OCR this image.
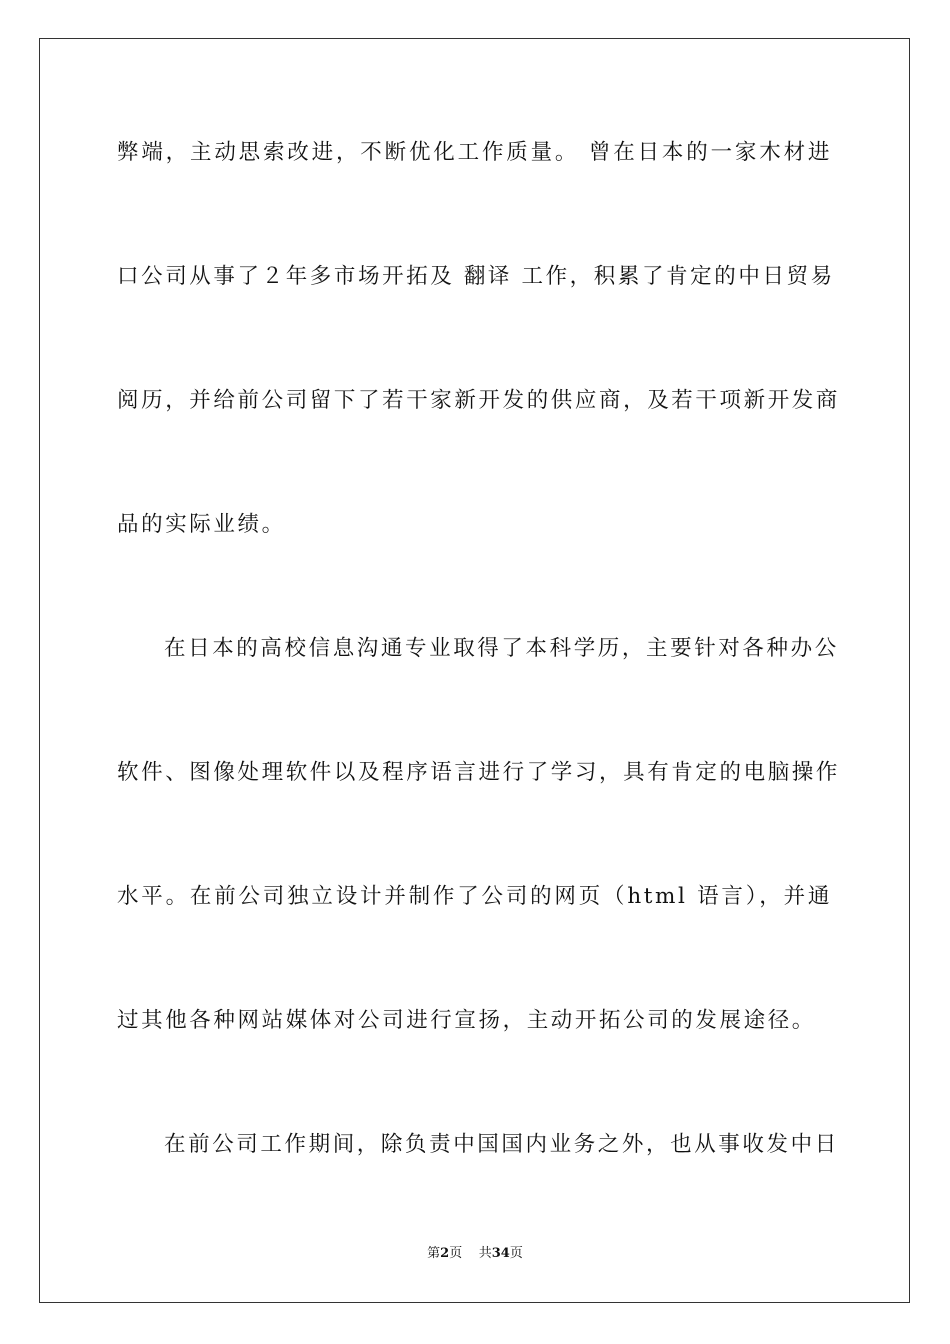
弊端，主动思索改进，不断优化工作质量。 曾在日本的一家木材进
口公司从事了２年多市场开拓及 翻译 工作，积累了肯定的中日贸易
阅历，并给前公司留下了若干家新开发的供应商，及若干项新开发商
品的实际业绩。
在日本的高校信息沟通专业取得了本科学历，主要针对各种办公
软件、图像处理软件以及程序语言进行了学习，具有肯定的电脑操作
水平。在前公司独立设计并制作了公司的网页（html 语言），并通
过其他各种网站媒体对公司进行宣扬，主动开拓公司的发展途径。
在前公司工作期间，除负责中国国内业务之外，也从事收发中日
第2页 共34页
